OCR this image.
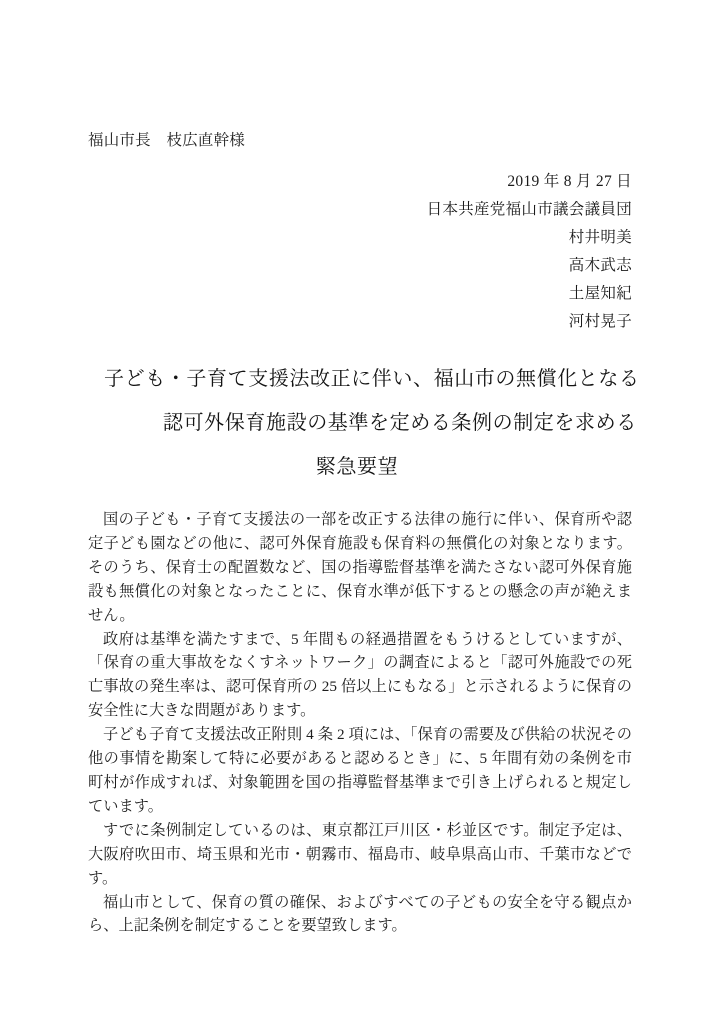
福山市長　枝広直幹様
2019 年 8 月 27 日
日本共産党福山市議会議員団
村井明美
高木武志
土屋知紀
河村晃子
子ども・子育て支援法改正に伴い、福山市の無償化となる
認可外保育施設の基準を定める条例の制定を求める
緊急要望

国の子ども・子育て支援法の一部を改正する法律の施行に伴い、保育所や認定子ども園などの他に、認可外保育施設も保育料の無償化の対象となります。そのうち、保育士の配置数など、国の指導監督基準を満たさない認可外保育施設も無償化の対象となったことに、保育水準が低下するとの懸念の声が絶えません。

政府は基準を満たすまで、5 年間もの経過措置をもうけるとしていますが、「保育の重大事故をなくすネットワーク」の調査によると「認可外施設での死亡事故の発生率は、認可保育所の 25 倍以上にもなる」と示されるように保育の安全性に大きな問題があります。

子ども子育て支援法改正附則 4 条 2 項には、「保育の需要及び供給の状況その他の事情を勘案して特に必要があると認めるとき」に、5 年間有効の条例を市町村が作成すれば、対象範囲を国の指導監督基準まで引き上げられると規定しています。

すでに条例制定しているのは、東京都江戸川区・杉並区です。制定予定は、大阪府吹田市、埼玉県和光市・朝霧市、福島市、岐阜県高山市、千葉市などです。

福山市として、保育の質の確保、およびすべての子どもの安全を守る観点から、上記条例を制定することを要望致します。
